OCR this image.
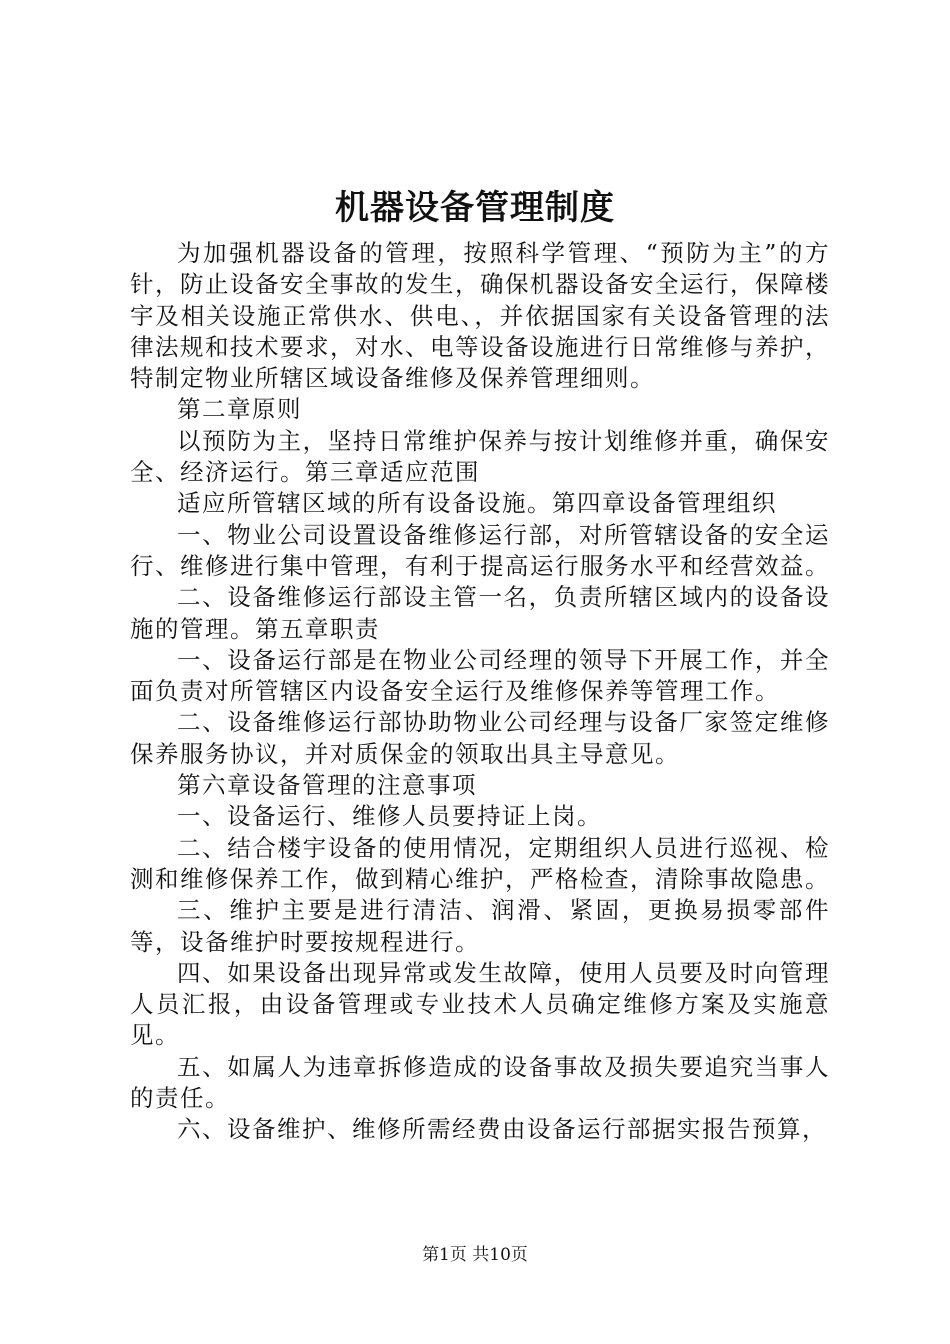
机器设备管理制度

为加强机器设备的管理，按照科学管理、“预防为主”的方针，防止设备安全事故的发生，确保机器设备安全运行，保障楼宇及相关设施正常供水、供电、，并依据国家有关设备管理的法律法规和技术要求，对水、电等设备设施进行日常维修与养护，特制定物业所辖区域设备维修及保养管理细则。

第二章原则

以预防为主，坚持日常维护保养与按计划维修并重，确保安全、经济运行。第三章适应范围

适应所管辖区域的所有设备设施。第四章设备管理组织

一、物业公司设置设备维修运行部，对所管辖设备的安全运行、维修进行集中管理，有利于提高运行服务水平和经营效益。

二、设备维修运行部设主管一名，负责所辖区域内的设备设施的管理。第五章职责

一、设备运行部是在物业公司经理的领导下开展工作，并全面负责对所管辖区内设备安全运行及维修保养等管理工作。

二、设备维修运行部协助物业公司经理与设备厂家签定维修保养服务协议，并对质保金的领取出具主导意见。

第六章设备管理的注意事项

一、设备运行、维修人员要持证上岗。

二、结合楼宇设备的使用情况，定期组织人员进行巡视、检测和维修保养工作，做到精心维护，严格检查，清除事故隐患。

三、维护主要是进行清洁、润滑、紧固，更换易损零部件等，设备维护时要按规程进行。

四、如果设备出现异常或发生故障，使用人员要及时向管理人员汇报，由设备管理或专业技术人员确定维修方案及实施意见。

五、如属人为违章拆修造成的设备事故及损失要追究当事人的责任。

六、设备维护、维修所需经费由设备运行部据实报告预算，

第1页 共10页
